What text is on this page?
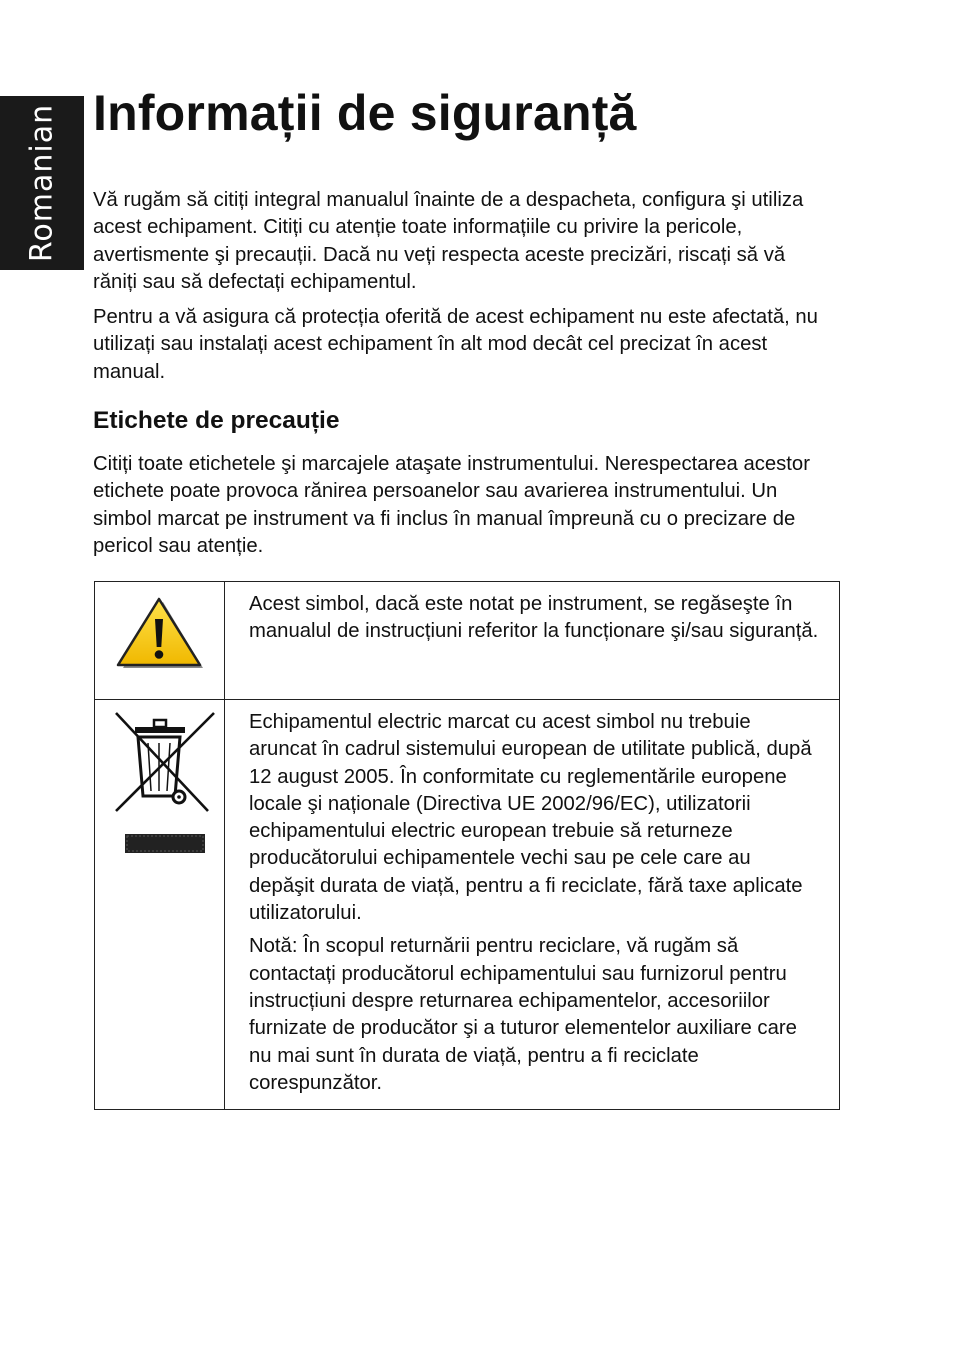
Romanian Informații de siguranță

Vă rugăm să citiți integral manualul înainte de a despacheta, configura şi utiliza acest echipament. Citiți cu atenție toate informațiile cu privire la pericole, avertismente şi precauții. Dacă nu veți respecta aceste precizări, riscați să vă răniți sau să defectați echipamentul.

Pentru a vă asigura că protecția oferită de acest echipament nu este afectată, nu utilizați sau instalați acest echipament în alt mod decât cel precizat în acest manual.

Etichete de precauție

Citiți toate etichetele şi marcajele ataşate instrumentului. Nerespectarea acestor etichete poate provoca rănirea persoanelor sau avarierea instrumentului. Un simbol marcat pe instrument va fi inclus în manual împreună cu o precizare de pericol sau atenție.

Acest simbol, dacă este notat pe instrument, se regăseşte în manualul de instrucțiuni referitor la funcționare şi/sau siguranță.

Echipamentul electric marcat cu acest simbol nu trebuie aruncat în cadrul sistemului european de utilitate publică, după 12 august 2005. În conformitate cu reglementările europene locale şi naționale (Directiva UE 2002/96/EC), utilizatorii echipamentului electric european trebuie să returneze producătorului echipamentele vechi sau pe cele care au depăşit durata de viață, pentru a fi reciclate, fără taxe aplicate utilizatorului.

Notă: În scopul returnării pentru reciclare, vă rugăm să contactați producătorul echipamentului sau furnizorul pentru instrucțiuni despre returnarea echipamentelor, accesoriilor furnizate de producător şi a tuturor elementelor auxiliare care nu mai sunt în durata de viață, pentru a fi reciclate corespunzător.
